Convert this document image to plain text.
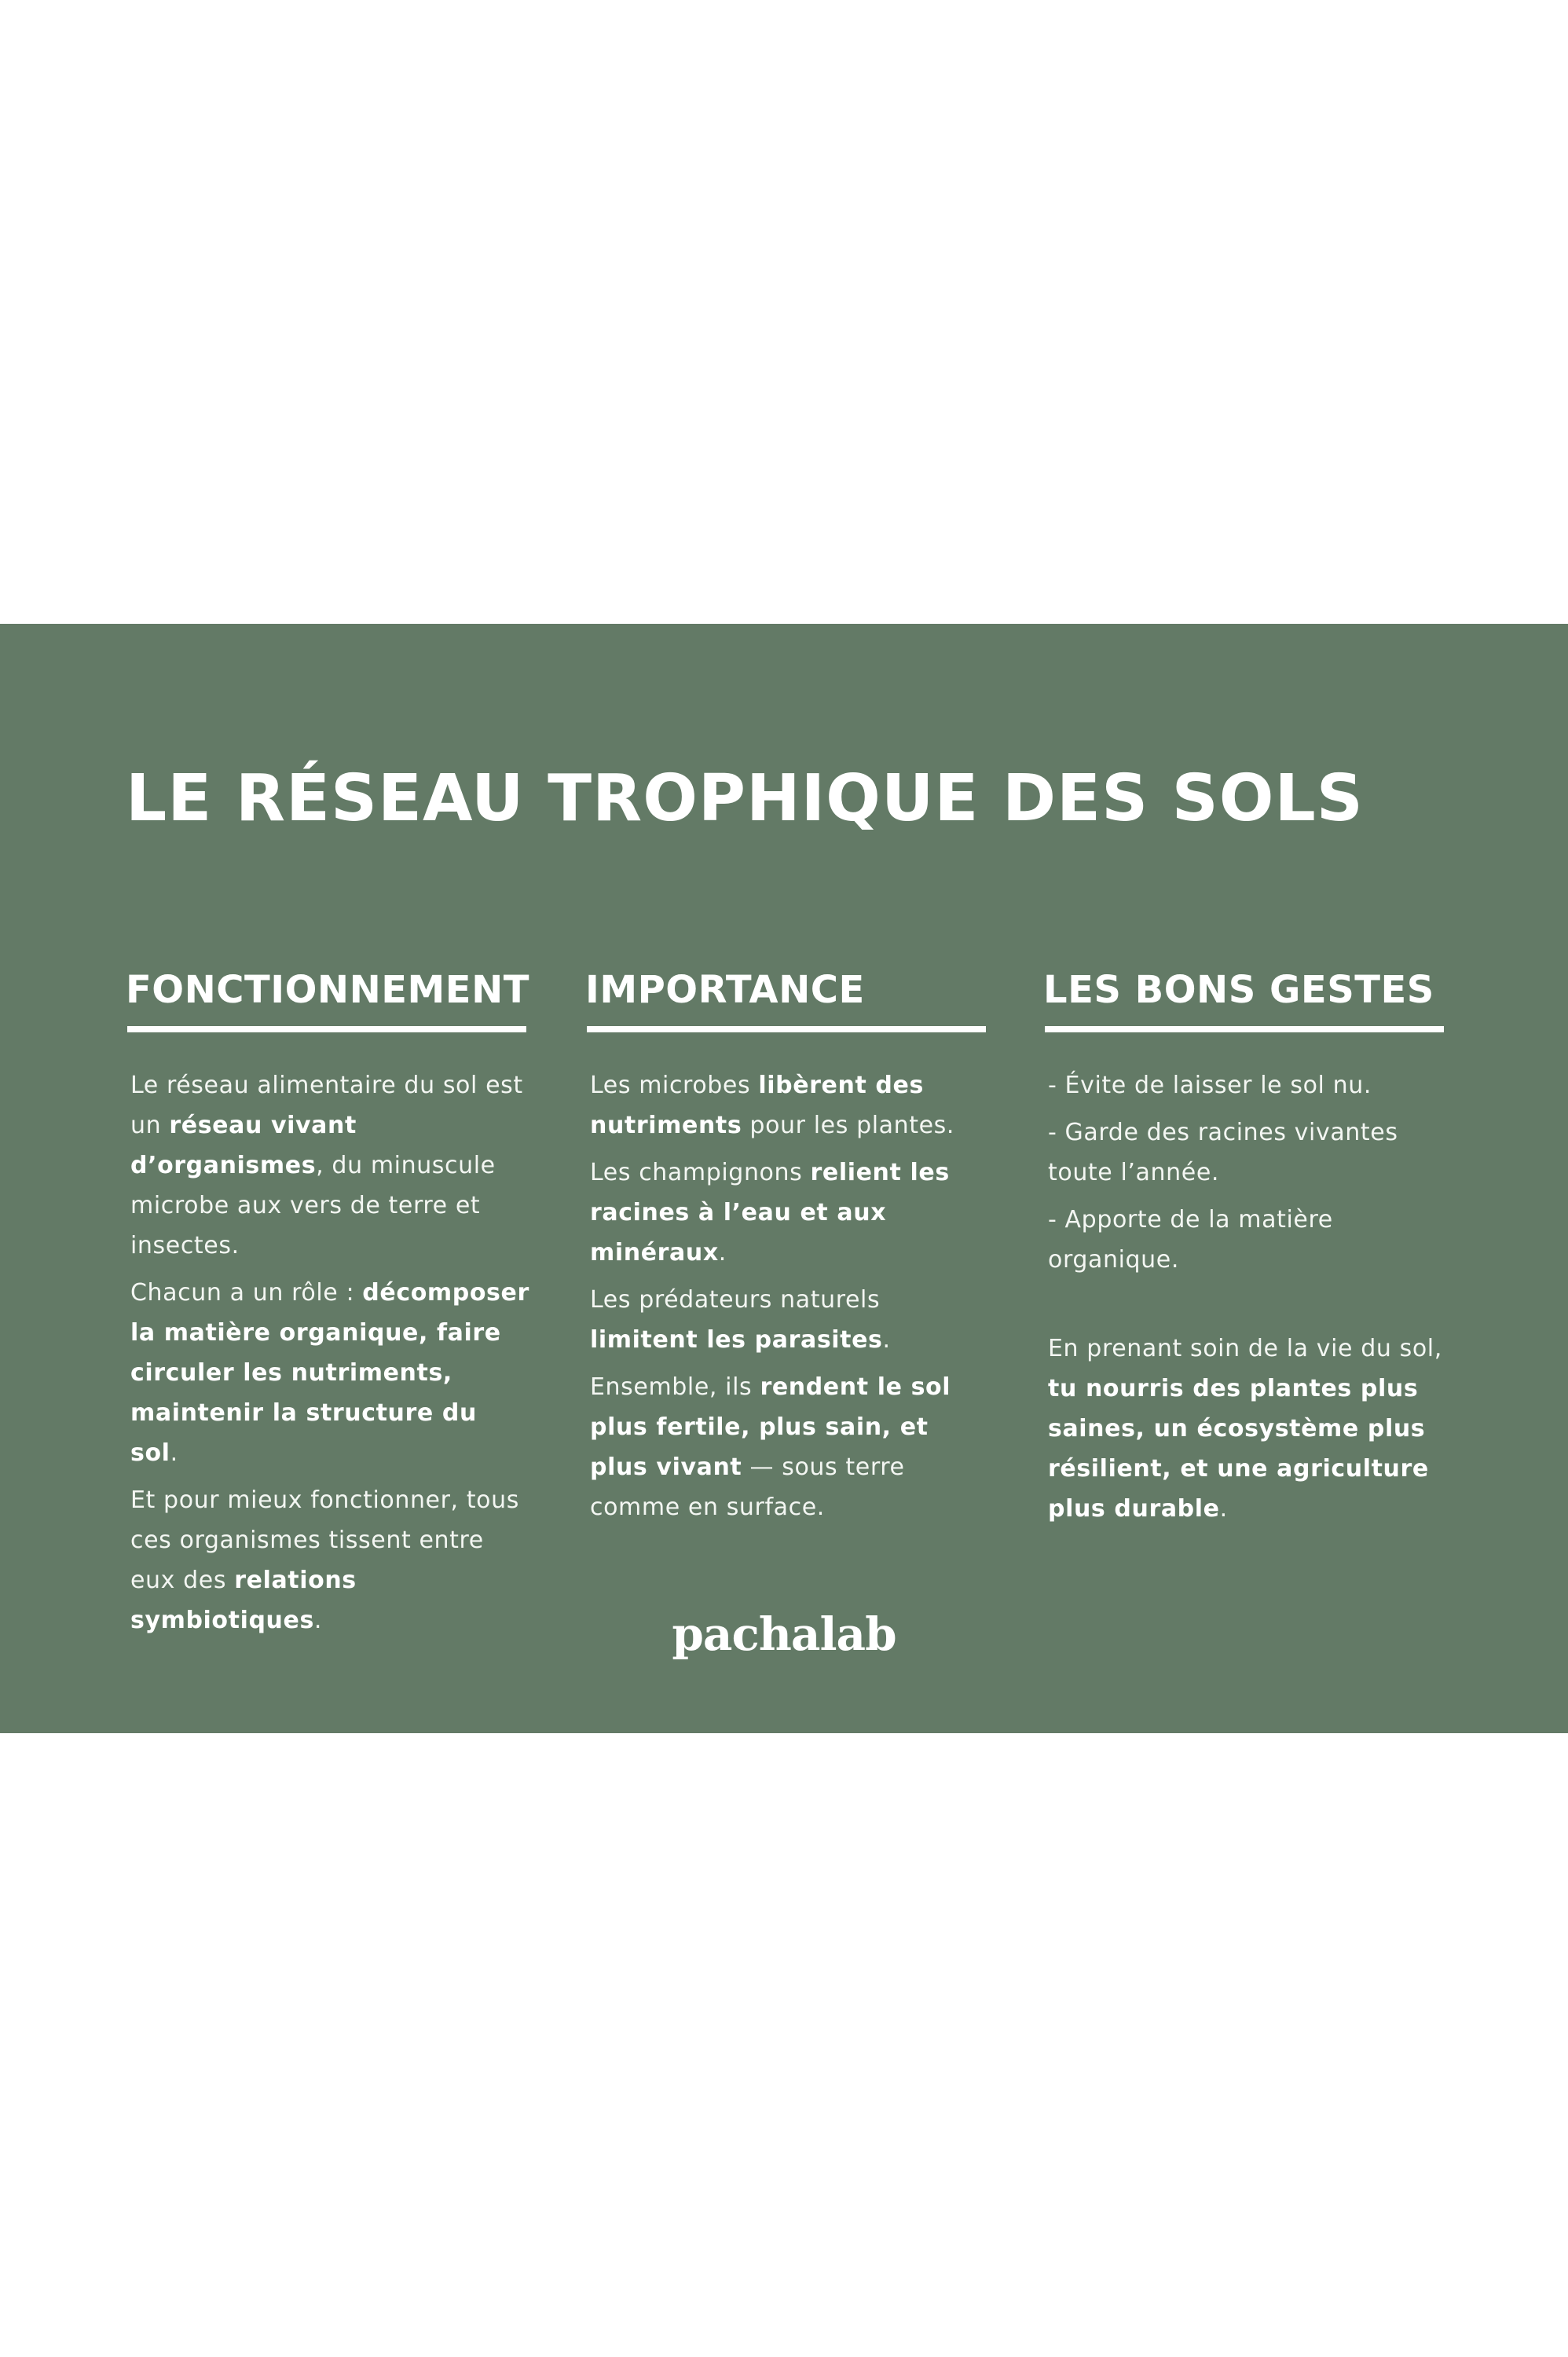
LE RÉSEAU TROPHIQUE DES SOLS
FONCTIONNEMENT

Le réseau alimentaire du sol est un réseau vivant d’organismes, du minuscule microbe aux vers de terre et insectes.

Chacun a un rôle : décomposer la matière organique, faire circuler les nutriments, maintenir la structure du sol.

Et pour mieux fonctionner, tous ces organismes tissent entre eux des relations symbiotiques.

IMPORTANCE

Les microbes libèrent des nutriments pour les plantes.

Les champignons relient les racines à l’eau et aux minéraux.

Les prédateurs naturels limitent les parasites.

Ensemble, ils rendent le sol plus fertile, plus sain, et plus vivant — sous terre comme en surface.

LES BONS GESTES

- Évite de laisser le sol nu.

- Garde des racines vivantes toute l’année.

- Apporte de la matière organique.

En prenant soin de la vie du sol, tu nourris des plantes plus saines, un écosystème plus résilient, et une agriculture plus durable.

pachalab
